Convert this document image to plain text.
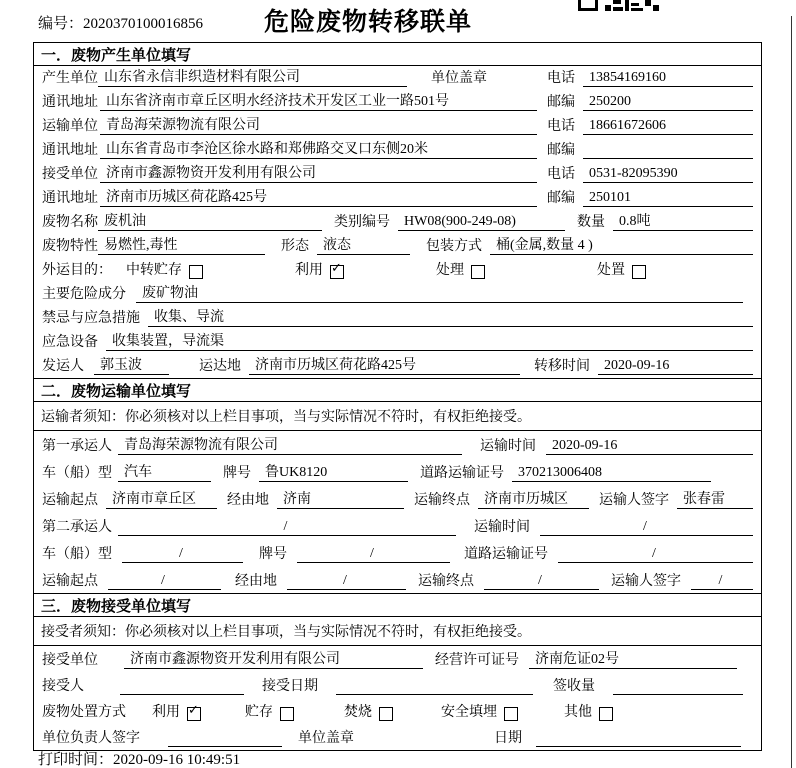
编号：2020370100016856	危险废物转移联单
一．废物产生单位填写
产生单位 山东省永信非织造材料有限公司	单位盖章	电话	13854169160
通讯地址 山东省济南市章丘区明水经济技术开发区工业一路501号	邮编	250200
运输单位 青岛海荣源物流有限公司	电话	18661672606
通讯地址 山东省青岛市李沧区徐水路和郑佛路交叉口东侧20米	邮编
接受单位 济南市鑫源物资开发利用有限公司	电话	0531-82095390
通讯地址 济南市历城区荷花路425号	邮编	250101
废物名称 废机油	类别编号	HW08(900-249-08)	数量	0.8吨
废物特性 易燃性,毒性	形态	液态	包装方式	桶(金属,数量 4 )
外运目的： 中转贮存	利用 ✓	处理	处置
主要危险成分	废矿物油
禁忌与应急措施	收集、导流
应急设备	收集装置，导流渠
发运人	郭玉波	运达地	济南市历城区荷花路425号	转移时间	2020-09-16
二．废物运输单位填写
运输者须知：你必须核对以上栏目事项，当与实际情况不符时，有权拒绝接受。
第一承运人 青岛海荣源物流有限公司	运输时间	2020-09-16
车（船）型 汽车	牌号	鲁UK8120	道路运输证号	370213006408
运输起点	济南市章丘区	经由地	济南	运输终点	济南市历城区	运输人签字	张春雷
第二承运人	/	运输时间	/
车（船）型	/	牌号	/	道路运输证号	/
运输起点	/	经由地	/	运输终点	/	运输人签字	/
三．废物接受单位填写
接受者须知：你必须核对以上栏目事项，当与实际情况不符时，有权拒绝接受。
接受单位	济南市鑫源物资开发利用有限公司	经营许可证号	济南危证02号
接受人	接受日期	签收量
废物处置方式 利用 ✓	贮存	焚烧	安全填埋	其他
单位负责人签字	单位盖章	日期
打印时间：2020-09-16 10:49:51
